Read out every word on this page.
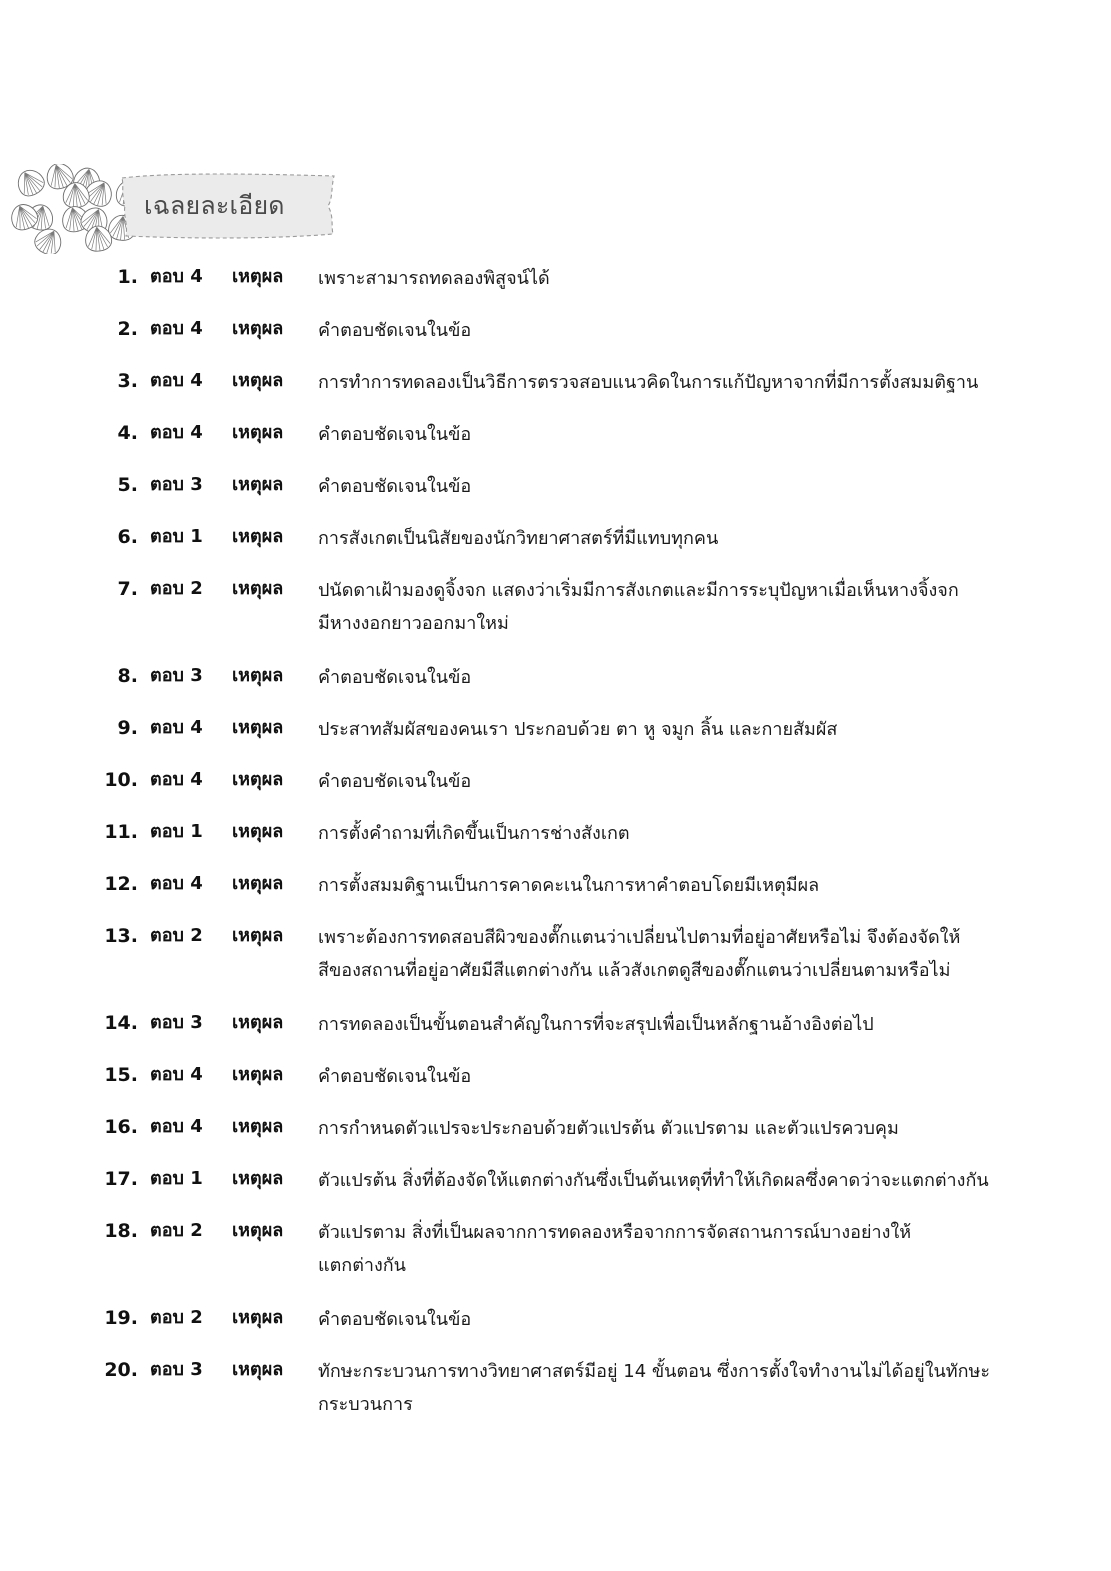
เฉลยละเอียด
1. ตอบ 4	เหตุผล	เพราะสามารถทดลองพิสูจน์ได้
2. ตอบ 4	เหตุผล	คำตอบชัดเจนในข้อ
3. ตอบ 4	เหตุผล	การทำการทดลองเป็นวิธีการตรวจสอบแนวคิดในการแก้ปัญหาจากที่มีการตั้งสมมติฐาน
4. ตอบ 4	เหตุผล	คำตอบชัดเจนในข้อ
5. ตอบ 3	เหตุผล	คำตอบชัดเจนในข้อ
6. ตอบ 1	เหตุผล	การสังเกตเป็นนิสัยของนักวิทยาศาสตร์ที่มีแทบทุกคน
7. ตอบ 2	เหตุผล	ปนัดดาเฝ้ามองดูจิ้งจก แสดงว่าเริ่มมีการสังเกตและมีการระบุปัญหาเมื่อเห็นหางจิ้งจก
มีหางงอกยาวออกมาใหม่
8. ตอบ 3	เหตุผล	คำตอบชัดเจนในข้อ
9. ตอบ 4	เหตุผล	ประสาทสัมผัสของคนเรา ประกอบด้วย ตา หู จมูก ลิ้น และกายสัมผัส
10. ตอบ 4	เหตุผล	คำตอบชัดเจนในข้อ
11. ตอบ 1	เหตุผล	การตั้งคำถามที่เกิดขึ้นเป็นการช่างสังเกต
12. ตอบ 4	เหตุผล	การตั้งสมมติฐานเป็นการคาดคะเนในการหาคำตอบโดยมีเหตุมีผล
13. ตอบ 2	เหตุผล	เพราะต้องการทดสอบสีผิวของตั๊กแตนว่าเปลี่ยนไปตามที่อยู่อาศัยหรือไม่ จึงต้องจัดให้
สีของสถานที่อยู่อาศัยมีสีแตกต่างกัน แล้วสังเกตดูสีของตั๊กแตนว่าเปลี่ยนตามหรือไม่
14. ตอบ 3	เหตุผล	การทดลองเป็นขั้นตอนสำคัญในการที่จะสรุปเพื่อเป็นหลักฐานอ้างอิงต่อไป
15. ตอบ 4	เหตุผล	คำตอบชัดเจนในข้อ
16. ตอบ 4	เหตุผล	การกำหนดตัวแปรจะประกอบด้วยตัวแปรต้น ตัวแปรตาม และตัวแปรควบคุม
17. ตอบ 1	เหตุผล	ตัวแปรต้น สิ่งที่ต้องจัดให้แตกต่างกันซึ่งเป็นต้นเหตุที่ทำให้เกิดผลซึ่งคาดว่าจะแตกต่างกัน
18. ตอบ 2	เหตุผล	ตัวแปรตาม สิ่งที่เป็นผลจากการทดลองหรือจากการจัดสถานการณ์บางอย่างให้
แตกต่างกัน
19. ตอบ 2	เหตุผล	คำตอบชัดเจนในข้อ
20. ตอบ 3	เหตุผล	ทักษะกระบวนการทางวิทยาศาสตร์มีอยู่ 14 ขั้นตอน ซึ่งการตั้งใจทำงานไม่ได้อยู่ในทักษะ
กระบวนการ
